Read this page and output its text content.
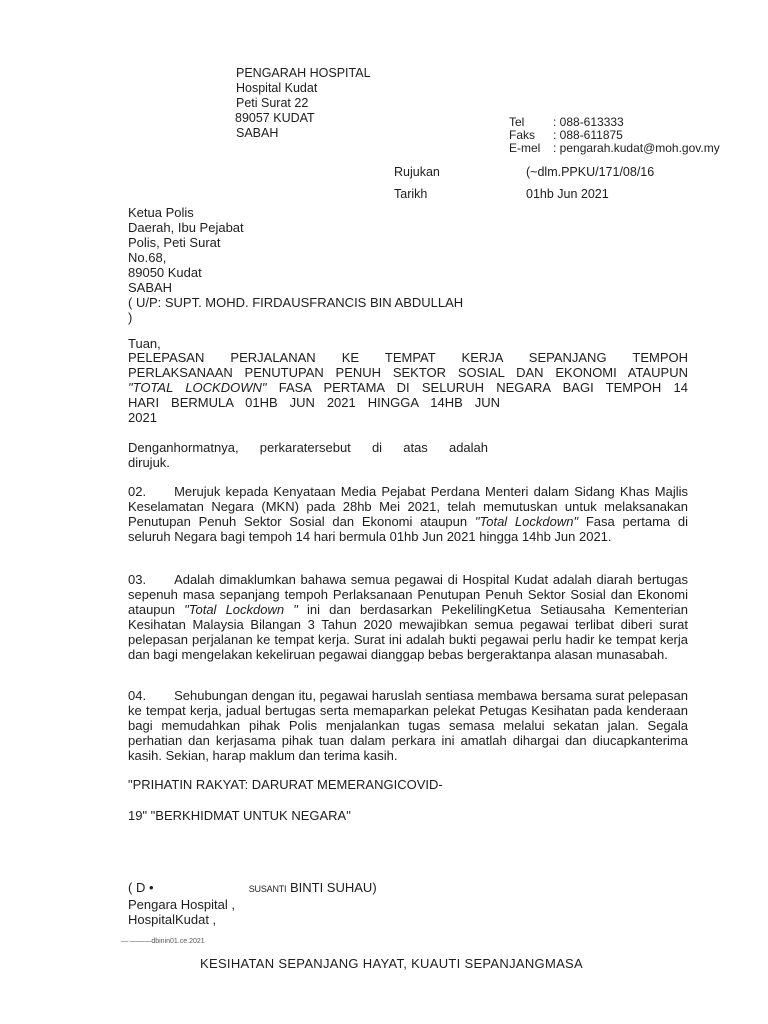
PENGARAH HOSPITAL
Hospital Kudat
Peti Surat 22
89057 KUDAT
SABAH
Tel : 088-613333
Faks : 088-611875
E-mel : pengarah.kudat@moh.gov.my
Rujukan	(~dlm.PPKU/171/08/16
Tarikh	01hb Jun 2021
Ketua Polis
Daerah, Ibu Pejabat
Polis, Peti Surat
No.68,
89050 Kudat
SABAH
( U/P: SUPT. MOHD. FIRDAUSFRANCIS BIN ABDULLAH
)
Tuan,
PELEPASAN PERJALANAN KE TEMPAT KERJA SEPANJANG TEMPOH
PERLAKSANAAN PENUTUPAN PENUH SEKTOR SOSIAL DAN EKONOMI ATAUPUN
"TOTAL LOCKDOWN" FASA PERTAMA DI SELURUH NEGARA BAGI TEMPOH 14
HARI BERMULA 01HB JUN 2021 HINGGA 14HB JUN
2021
Denganhormatnya, perkaratersebut di atas adalah
dirujuk.
02. Merujuk kepada Kenyataan Media Pejabat Perdana Menteri dalam Sidang Khas Majlis Keselamatan Negara (MKN) pada 28hb Mei 2021, telah memutuskan untuk melaksanakan Penutupan Penuh Sektor Sosial dan Ekonomi ataupun "Total Lockdown" Fasa pertama di seluruh Negara bagi tempoh 14 hari bermula 01hb Jun 2021 hingga 14hb Jun 2021.
03. Adalah dimaklumkan bahawa semua pegawai di Hospital Kudat adalah diarah bertugas sepenuh masa sepanjang tempoh Perlaksanaan Penutupan Penuh Sektor Sosial dan Ekonomi ataupun "Total Lockdown " ini dan berdasarkan PekelilingKetua Setiausaha Kementerian Kesihatan Malaysia Bilangan 3 Tahun 2020 mewajibkan semua pegawai terlibat diberi surat pelepasan perjalanan ke tempat kerja. Surat ini adalah bukti pegawai perlu hadir ke tempat kerja dan bagi mengelakan kekeliruan pegawai dianggap bebas bergeraktanpa alasan munasabah.
04. Sehubungan dengan itu, pegawai haruslah sentiasa membawa bersama surat pelepasan ke tempat kerja, jadual bertugas serta memaparkan pelekat Petugas Kesihatan pada kenderaan bagi memudahkan pihak Polis menjalankan tugas semasa melalui sekatan jalan. Segala perhatian dan kerjasama pihak tuan dalam perkara ini amatlah dihargai dan diucapkanterima kasih. Sekian, harap maklum dan terima kasih.
"PRIHATIN RAKYAT: DARURAT MEMERANGICOVID-
19" "BERKHIDMAT UNTUK NEGARA"
( D •	SUSANTI BINTI SUHAU)
Pengara Hospital ,
HospitalKudat ,
—·———dbinin01.ce.2021
KESIHATAN SEPANJANG HAYAT, KUAUTI SEPANJANGMASA
